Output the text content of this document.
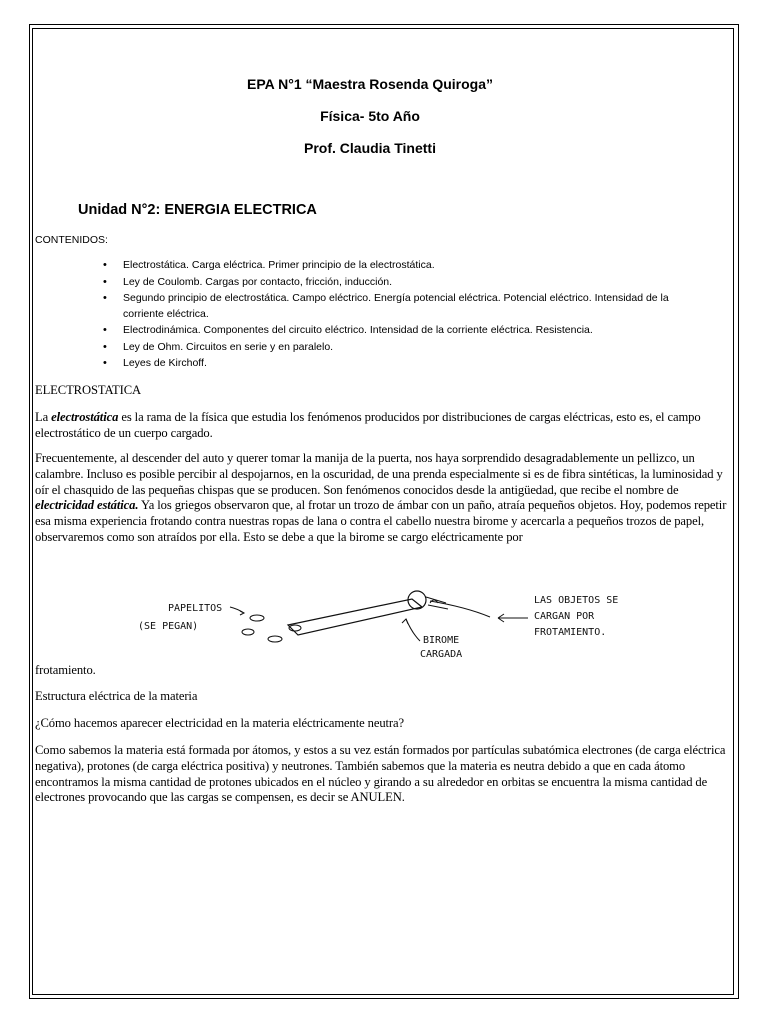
EPA N°1 “Maestra Rosenda Quiroga”
Física- 5to Año
Prof. Claudia Tinetti
Unidad N°2: ENERGIA ELECTRICA
CONTENIDOS:
• Electrostática. Carga eléctrica. Primer principio de la electrostática.
• Ley de Coulomb. Cargas por contacto, fricción, inducción.
• Segundo principio de electrostática. Campo eléctrico. Energía potencial eléctrica. Potencial eléctrico. Intensidad de la corriente eléctrica.
• Electrodinámica. Componentes del circuito eléctrico. Intensidad de la corriente eléctrica. Resistencia.
• Ley de Ohm. Circuitos en serie y en paralelo.
• Leyes de Kirchoff.
ELECTROSTATICA
La electrostática es la rama de la física que estudia los fenómenos producidos por distribuciones de cargas eléctricas, esto es, el campo electrostático de un cuerpo cargado.
Frecuentemente, al descender del auto y querer tomar la manija de la puerta, nos haya sorprendido desagradablemente un pellizco, un calambre. Incluso es posible percibir al despojarnos, en la oscuridad, de una prenda especialmente si es de fibra sintéticas, la luminosidad y oír el chasquido de las pequeñas chispas que se producen. Son fenómenos conocidos desde la antigüedad, que recibe el nombre de electricidad estática. Ya los griegos observaron que, al frotar un trozo de ámbar con un paño, atraía pequeños objetos. Hoy, podemos repetir esa misma experiencia frotando contra nuestras ropas de lana o contra el cabello nuestra birome y acercarla a pequeños trozos de papel, observaremos como son atraídos por ella. Esto se debe a que la birome se cargo eléctricamente por
PAPELITOS
(SE PEGAN)
BIROME
CARGADA
LAS OBJETOS SE
CARGAN POR
FROTAMIENTO.
frotamiento.
Estructura eléctrica de la materia
¿Cómo hacemos aparecer electricidad en la materia eléctricamente neutra?
Como sabemos la materia está formada por átomos, y estos a su vez están formados por partículas subatómica electrones (de carga eléctrica negativa), protones (de carga eléctrica positiva) y neutrones. También sabemos que la materia es neutra debido a que en cada átomo encontramos la misma cantidad de protones ubicados en el núcleo y girando a su alrededor en orbitas se encuentra la misma cantidad de electrones provocando que las cargas se compensen, es decir se ANULEN.
